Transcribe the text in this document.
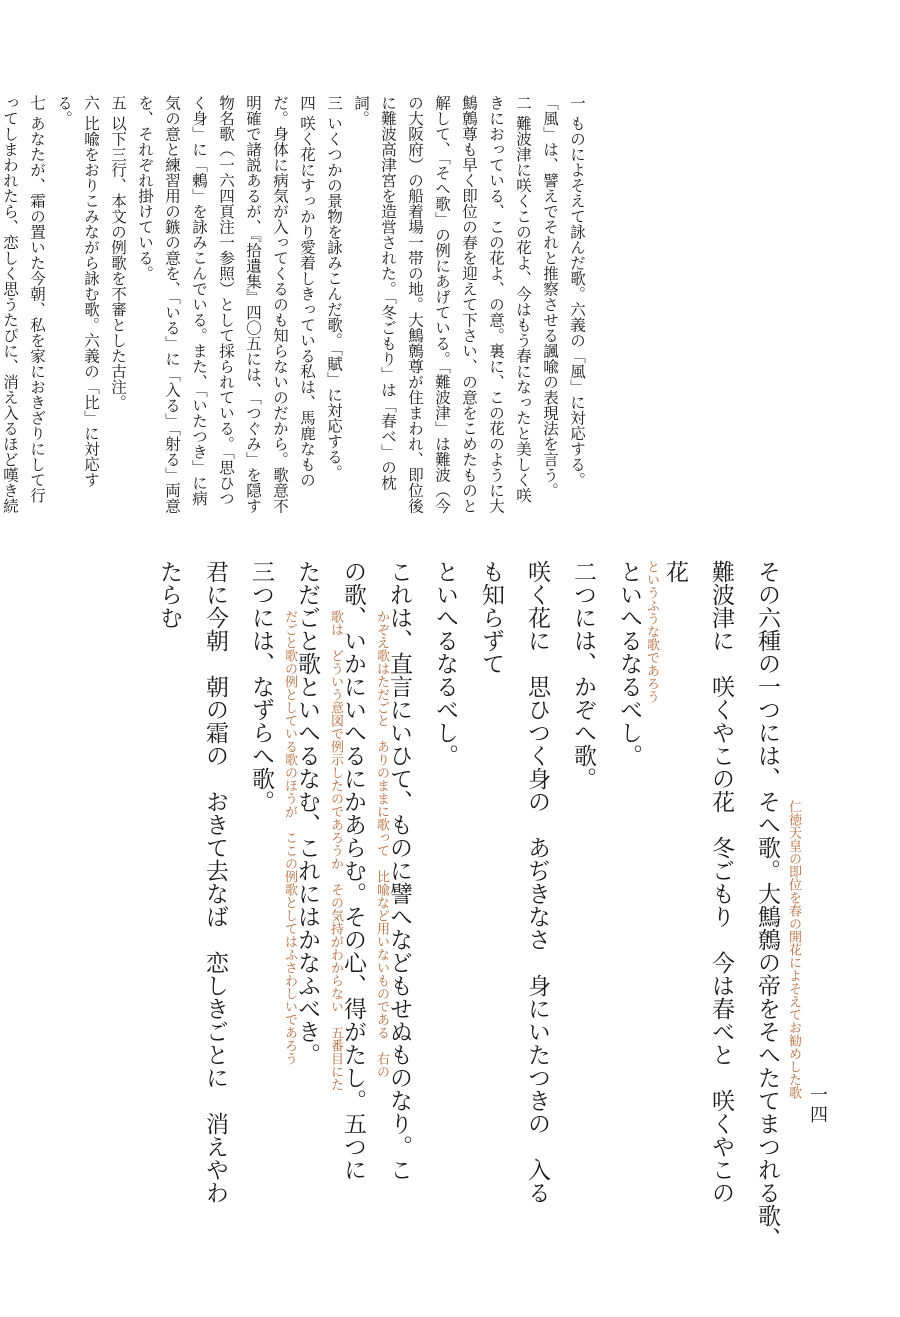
一四
仁徳天皇の即位を春の開花によそえてお勧めした歌
というふうな歌であろう
かぞえ歌はただごと　ありのままに歌って　比喩など用いないものである　右の
歌は　どういう意図で例示したのであろうか　その気持がわからない　五番目にた
だごと歌の例としている歌のほうが　ここの例歌としてはふさわしいであろう	その六種の一つには、そへ歌。大鷦鷯の帝をそへたてまつれる歌、
難波津に　咲くやこの花　冬ごもり　今は春べと　咲くやこの
花
といへるなるべし。
二つには、かぞへ歌。
咲く花に　思ひつく身の　あぢきなさ　身にいたつきの　入る
も知らずて
といへるなるべし。
これは、直言にいひて、ものに譬へなどもせぬものなり。こ
の歌、いかにいへるにかあらむ。その心、得がたし。五つに
ただごと歌といへるなむ、これにはかなふべき。
三つには、なずらへ歌。
君に今朝　朝の霜の　おきて去なば　恋しきごとに　消えやわ
たらむ

一 ものによそえて詠んだ歌。六義の「風」に対応する。「風」は、譬えでそれと推察させる諷喩の表現法を言う。

二 難波津に咲くこの花よ、今はもう春になったと美しく咲きにおっている、この花よ、の意。裏に、この花のように大鷦鷯尊も早く即位の春を迎えて下さい、の意をこめたものと解して、「そへ歌」の例にあげている。「難波津」は難波（今の大阪府）の船着場一帯の地。大鷦鷯尊が住まわれ、即位後に難波高津宮を造営された。「冬ごもり」は「春べ」の枕詞。

三 いくつかの景物を詠みこんだ歌。「賦」に対応する。

四 咲く花にすっかり愛着しきっている私は、馬鹿なものだ。身体に病気が入ってくるのも知らないのだから。歌意不明確で諸説あるが、『拾遺集』四〇五には、「つぐみ」を隠す物名歌（一六四頁注一参照）として採られている。「思ひつく身」に「鶫」を詠みこんでいる。また、「いたつき」に病気の意と練習用の鏃の意を、「いる」に「入る」「射る」両意を、それぞれ掛けている。

五 以下三行、本文の例歌を不審とした古注。

六 比喩をおりこみながら詠む歌。六義の「比」に対応する。

七 あなたが、霜の置いた今朝、私を家におきざりにして行ってしまわれたら、恋しく思うたびに、消え入るほど嘆き続
